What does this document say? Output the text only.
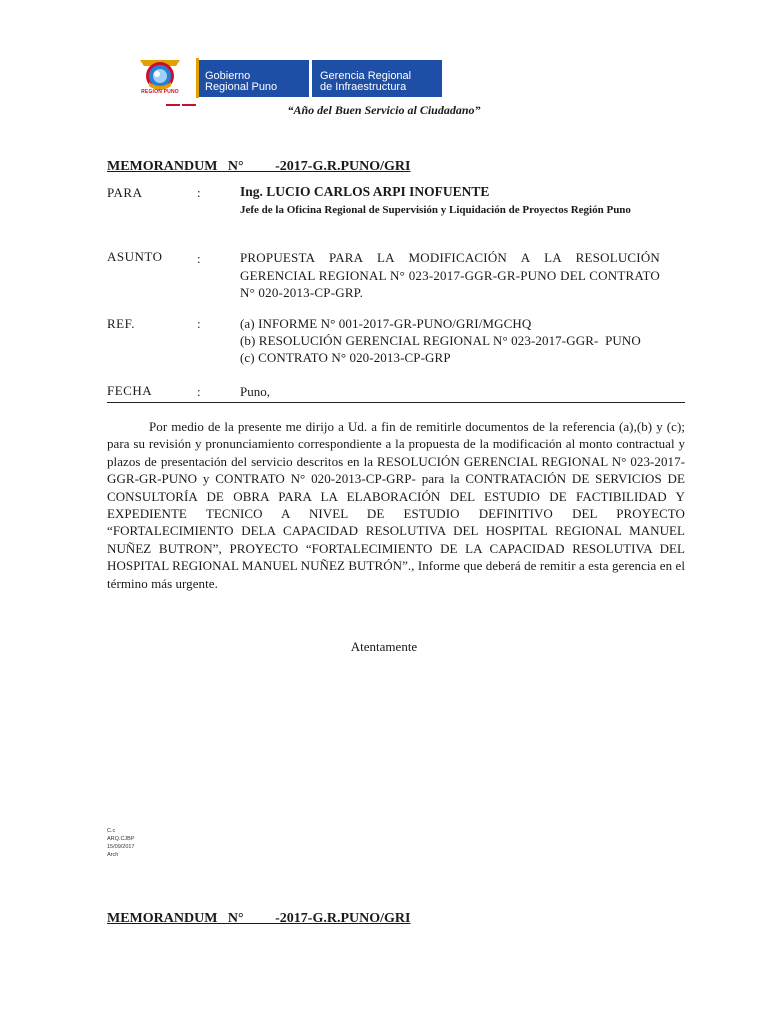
REGION PUNO
Gobierno
Regional Puno
Gerencia Regional
de Infraestructura
“Año del Buen Servicio al Ciudadano”
MEMORANDUM   N°         -2017-G.R.PUNO/GRI
PARA	:	Ing. LUCIO CARLOS ARPI INOFUENTE
Jefe de la Oficina Regional de Supervisión y Liquidación de Proyectos Región Puno
ASUNTO	:	PROPUESTA PARA LA MODIFICACIÓN A LA RESOLUCIÓN GERENCIAL REGIONAL N° 023-2017-GGR-GR-PUNO DEL CONTRATO N° 020-2013-CP-GRP.
REF.	:	(a) INFORME N° 001-2017-GR-PUNO/GRI/MGCHQ
(b) RESOLUCIÓN GERENCIAL REGIONAL N° 023-2017-GGR-  PUNO
(c) CONTRATO N° 020-2013-CP-GRP
FECHA	:	Puno,
Por medio de la presente me dirijo a Ud. a fin de remitirle documentos de la referencia (a),(b) y (c); para su revisión y pronunciamiento correspondiente a la propuesta de la modificación al monto contractual y plazos de presentación del servicio descritos en la RESOLUCIÓN GERENCIAL REGIONAL N° 023-2017-GGR-GR-PUNO y CONTRATO N° 020-2013-CP-GRP- para la CONTRATACIÓN DE SERVICIOS DE CONSULTORÍA DE OBRA PARA LA ELABORACIÓN DEL ESTUDIO DE FACTIBILIDAD Y EXPEDIENTE TECNICO A NIVEL DE ESTUDIO DEFINITIVO DEL PROYECTO “FORTALECIMIENTO DELA CAPACIDAD RESOLUTIVA DEL HOSPITAL REGIONAL MANUEL NUÑEZ BUTRON”, PROYECTO “FORTALECIMIENTO DE LA CAPACIDAD RESOLUTIVA DEL HOSPITAL REGIONAL MANUEL NUÑEZ BUTRÓN”., Informe que deberá de remitir a esta gerencia en el término más urgente.
Atentamente
C.c
ARQ.CJBP
15/09/2017
Arch
MEMORANDUM   N°         -2017-G.R.PUNO/GRI
